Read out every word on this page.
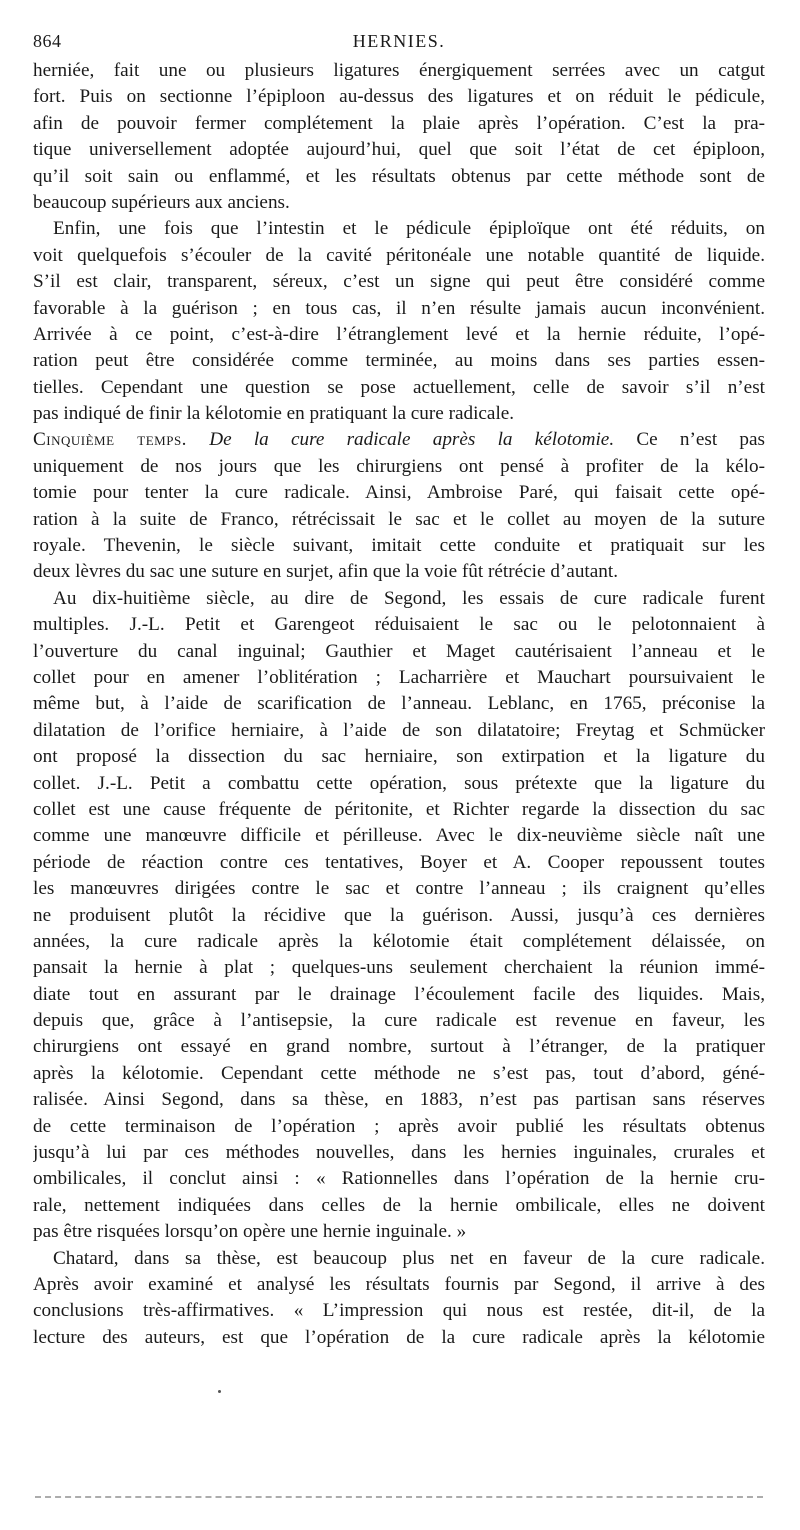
864	HERNIES.
herniée, fait une ou plusieurs ligatures énergiquement serrées avec un catgut
fort. Puis on sectionne l’épiploon au-dessus des ligatures et on réduit le pédicule,
afin de pouvoir fermer complétement la plaie après l’opération. C’est la pra-
tique universellement adoptée aujourd’hui, quel que soit l’état de cet épiploon,
qu’il soit sain ou enflammé, et les résultats obtenus par cette méthode sont de
beaucoup supérieurs aux anciens.
Enfin, une fois que l’intestin et le pédicule épiploïque ont été réduits, on
voit quelquefois s’écouler de la cavité péritonéale une notable quantité de liquide.
S’il est clair, transparent, séreux, c’est un signe qui peut être considéré comme
favorable à la guérison ; en tous cas, il n’en résulte jamais aucun inconvénient.
Arrivée à ce point, c’est-à-dire l’étranglement levé et la hernie réduite, l’opé-
ration peut être considérée comme terminée, au moins dans ses parties essen-
tielles. Cependant une question se pose actuellement, celle de savoir s’il n’est
pas indiqué de finir la kélotomie en pratiquant la cure radicale.
Cinquième temps. De la cure radicale après la kélotomie. Ce n’est pas
uniquement de nos jours que les chirurgiens ont pensé à profiter de la kélo-
tomie pour tenter la cure radicale. Ainsi, Ambroise Paré, qui faisait cette opé-
ration à la suite de Franco, rétrécissait le sac et le collet au moyen de la suture
royale. Thevenin, le siècle suivant, imitait cette conduite et pratiquait sur les
deux lèvres du sac une suture en surjet, afin que la voie fût rétrécie d’autant.
Au dix-huitième siècle, au dire de Segond, les essais de cure radicale furent
multiples. J.-L. Petit et Garengeot réduisaient le sac ou le pelotonnaient à
l’ouverture du canal inguinal; Gauthier et Maget cautérisaient l’anneau et le
collet pour en amener l’oblitération ; Lacharrière et Mauchart poursuivaient le
même but, à l’aide de scarification de l’anneau. Leblanc, en 1765, préconise la
dilatation de l’orifice herniaire, à l’aide de son dilatatoire; Freytag et Schmücker
ont proposé la dissection du sac herniaire, son extirpation et la ligature du
collet. J.-L. Petit a combattu cette opération, sous prétexte que la ligature du
collet est une cause fréquente de péritonite, et Richter regarde la dissection du sac
comme une manœuvre difficile et périlleuse. Avec le dix-neuvième siècle naît une
période de réaction contre ces tentatives, Boyer et A. Cooper repoussent toutes
les manœuvres dirigées contre le sac et contre l’anneau ; ils craignent qu’elles
ne produisent plutôt la récidive que la guérison. Aussi, jusqu’à ces dernières
années, la cure radicale après la kélotomie était complétement délaissée, on
pansait la hernie à plat ; quelques-uns seulement cherchaient la réunion immé-
diate tout en assurant par le drainage l’écoulement facile des liquides. Mais,
depuis que, grâce à l’antisepsie, la cure radicale est revenue en faveur, les
chirurgiens ont essayé en grand nombre, surtout à l’étranger, de la pratiquer
après la kélotomie. Cependant cette méthode ne s’est pas, tout d’abord, géné-
ralisée. Ainsi Segond, dans sa thèse, en 1883, n’est pas partisan sans réserves
de cette terminaison de l’opération ; après avoir publié les résultats obtenus
jusqu’à lui par ces méthodes nouvelles, dans les hernies inguinales, crurales et
ombilicales, il conclut ainsi : « Rationnelles dans l’opération de la hernie cru-
rale, nettement indiquées dans celles de la hernie ombilicale, elles ne doivent
pas être risquées lorsqu’on opère une hernie inguinale. »
Chatard, dans sa thèse, est beaucoup plus net en faveur de la cure radicale.
Après avoir examiné et analysé les résultats fournis par Segond, il arrive à des
conclusions très-affirmatives. « L’impression qui nous est restée, dit-il, de la
lecture des auteurs, est que l’opération de la cure radicale après la kélotomie
